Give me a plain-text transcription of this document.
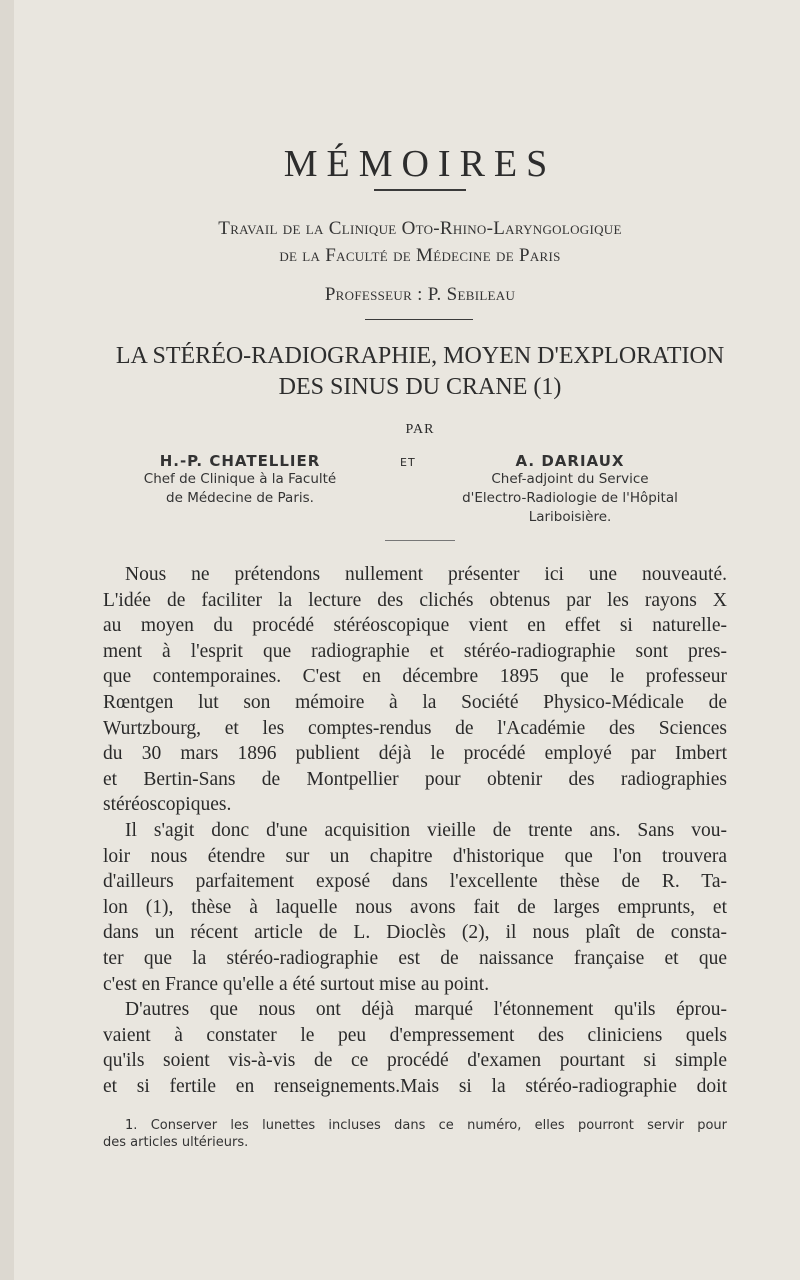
MÉMOIRES
Travail de la Clinique Oto-Rhino-Laryngologique
de la Faculté de Médecine de Paris
Professeur : P. Sebileau
LA STÉRÉO-RADIOGRAPHIE, MOYEN D'EXPLORATION
DES SINUS DU CRANE (1)
PAR
H.-P. CHATELLIER
Chef de Clinique à la Faculté
de Médecine de Paris.
ET	A. DARIAUX
Chef-adjoint du Service
d'Electro-Radiologie de l'Hôpital
Lariboisière.
Nous ne prétendons nullement présenter ici une nouveauté.
L'idée de faciliter la lecture des clichés obtenus par les rayons X
au moyen du procédé stéréoscopique vient en effet si naturelle-
ment à l'esprit que radiographie et stéréo-radiographie sont pres-
que contemporaines. C'est en décembre 1895 que le professeur
Rœntgen lut son mémoire à la Société Physico-Médicale de
Wurtzbourg, et les comptes-rendus de l'Académie des Sciences
du 30 mars 1896 publient déjà le procédé employé par Imbert
et Bertin-Sans de Montpellier pour obtenir des radiographies
stéréoscopiques.
Il s'agit donc d'une acquisition vieille de trente ans. Sans vou-
loir nous étendre sur un chapitre d'historique que l'on trouvera
d'ailleurs parfaitement exposé dans l'excellente thèse de R. Ta-
lon (1), thèse à laquelle nous avons fait de larges emprunts, et
dans un récent article de L. Dioclès (2), il nous plaît de consta-
ter que la stéréo-radiographie est de naissance française et que
c'est en France qu'elle a été surtout mise au point.
D'autres que nous ont déjà marqué l'étonnement qu'ils éprou-
vaient à constater le peu d'empressement des cliniciens quels
qu'ils soient vis-à-vis de ce procédé d'examen pourtant si simple
et si fertile en renseignements.Mais si la stéréo-radiographie doit
1. Conserver les lunettes incluses dans ce numéro, elles pourront servir pour
des articles ultérieurs.
